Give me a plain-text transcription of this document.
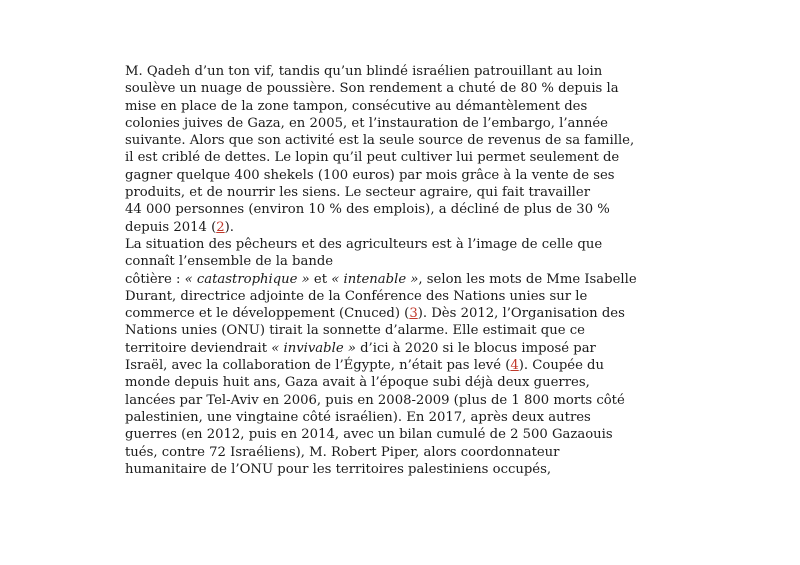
M. Qadeh d’un ton vif, tandis qu’un blindé israélien patrouillant au loin
soulève un nuage de poussière. Son rendement a chuté de 80 % depuis la
mise en place de la zone tampon, consécutive au démantèlement des
colonies juives de Gaza, en 2005, et l’instauration de l’embargo, l’année
suivante. Alors que son activité est la seule source de revenus de sa famille,
il est criblé de dettes. Le lopin qu’il peut cultiver lui permet seulement de
gagner quelque 400 shekels (100 euros) par mois grâce à la vente de ses
produits, et de nourrir les siens. Le secteur agraire, qui fait travailler
44 000 personnes (environ 10 % des emplois), a décliné de plus de 30 %
depuis 2014 (2).
La situation des pêcheurs et des agriculteurs est à l’image de celle que
connaît l’ensemble de la bande
côtière : « catastrophique » et « intenable », selon les mots de Mme Isabelle
Durant, directrice adjointe de la Conférence des Nations unies sur le
commerce et le développement (Cnuced) (3). Dès 2012, l’Organisation des
Nations unies (ONU) tirait la sonnette d’alarme. Elle estimait que ce
territoire deviendrait « invivable » d’ici à 2020 si le blocus imposé par
Israël, avec la collaboration de l’Égypte, n’était pas levé (4). Coupée du
monde depuis huit ans, Gaza avait à l’époque subi déjà deux guerres,
lancées par Tel-Aviv en 2006, puis en 2008-2009 (plus de 1 800 morts côté
palestinien, une vingtaine côté israélien). En 2017, après deux autres
guerres (en 2012, puis en 2014, avec un bilan cumulé de 2 500 Gazaouis
tués, contre 72 Israéliens), M. Robert Piper, alors coordonnateur
humanitaire de l’ONU pour les territoires palestiniens occupés,
